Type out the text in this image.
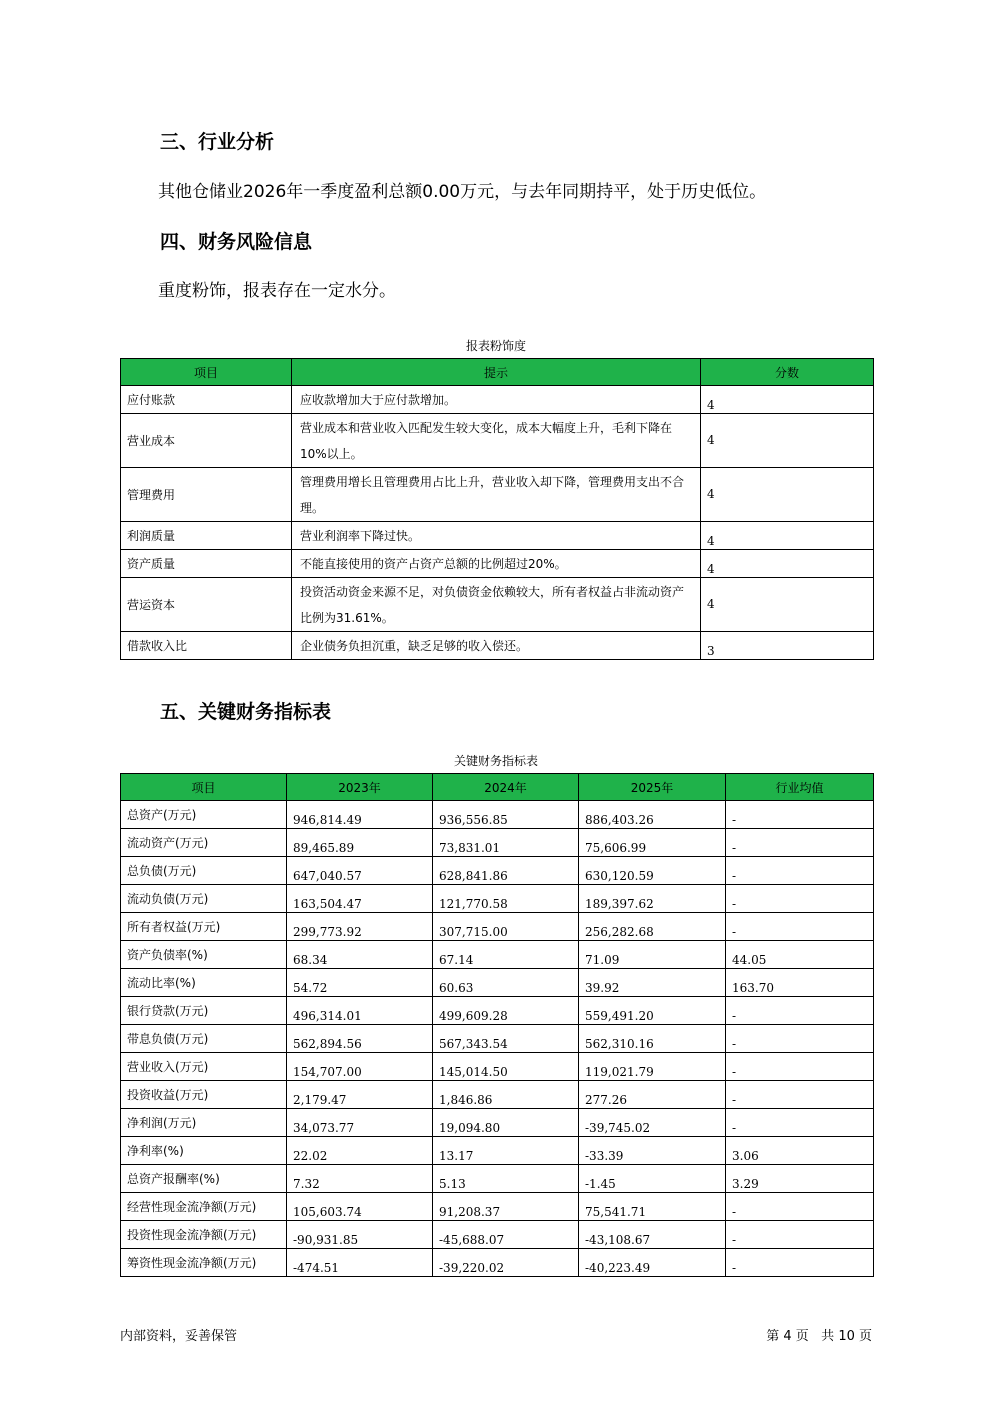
三、行业分析
其他仓储业2026年一季度盈利总额0.00万元，与去年同期持平，处于历史低位。
四、财务风险信息
重度粉饰，报表存在一定水分。
报表粉饰度
项目	提示	分数
应付账款	应收款增加大于应付款增加。	4
营业成本	营业成本和营业收入匹配发生较大变化，成本大幅度上升，毛利下降在10%以上。	4
管理费用	管理费用增长且管理费用占比上升，营业收入却下降，管理费用支出不合理。	4
利润质量	营业利润率下降过快。	4
资产质量	不能直接使用的资产占资产总额的比例超过20%。	4
营运资本	投资活动资金来源不足，对负债资金依赖较大，所有者权益占非流动资产比例为31.61%。	4
借款收入比	企业债务负担沉重，缺乏足够的收入偿还。	3
五、关键财务指标表
关键财务指标表
项目	2023年	2024年	2025年	行业均值
总资产(万元)	946,814.49	936,556.85	886,403.26	-
流动资产(万元)	89,465.89	73,831.01	75,606.99	-
总负债(万元)	647,040.57	628,841.86	630,120.59	-
流动负债(万元)	163,504.47	121,770.58	189,397.62	-
所有者权益(万元)	299,773.92	307,715.00	256,282.68	-
资产负债率(%)	68.34	67.14	71.09	44.05
流动比率(%)	54.72	60.63	39.92	163.70
银行贷款(万元)	496,314.01	499,609.28	559,491.20	-
带息负债(万元)	562,894.56	567,343.54	562,310.16	-
营业收入(万元)	154,707.00	145,014.50	119,021.79	-
投资收益(万元)	2,179.47	1,846.86	277.26	-
净利润(万元)	34,073.77	19,094.80	-39,745.02	-
净利率(%)	22.02	13.17	-33.39	3.06
总资产报酬率(%)	7.32	5.13	-1.45	3.29
经营性现金流净额(万元)	105,603.74	91,208.37	75,541.71	-
投资性现金流净额(万元)	-90,931.85	-45,688.07	-43,108.67	-
筹资性现金流净额(万元)	-474.51	-39,220.02	-40,223.49	-
内部资料，妥善保管	第 4 页   共 10 页
